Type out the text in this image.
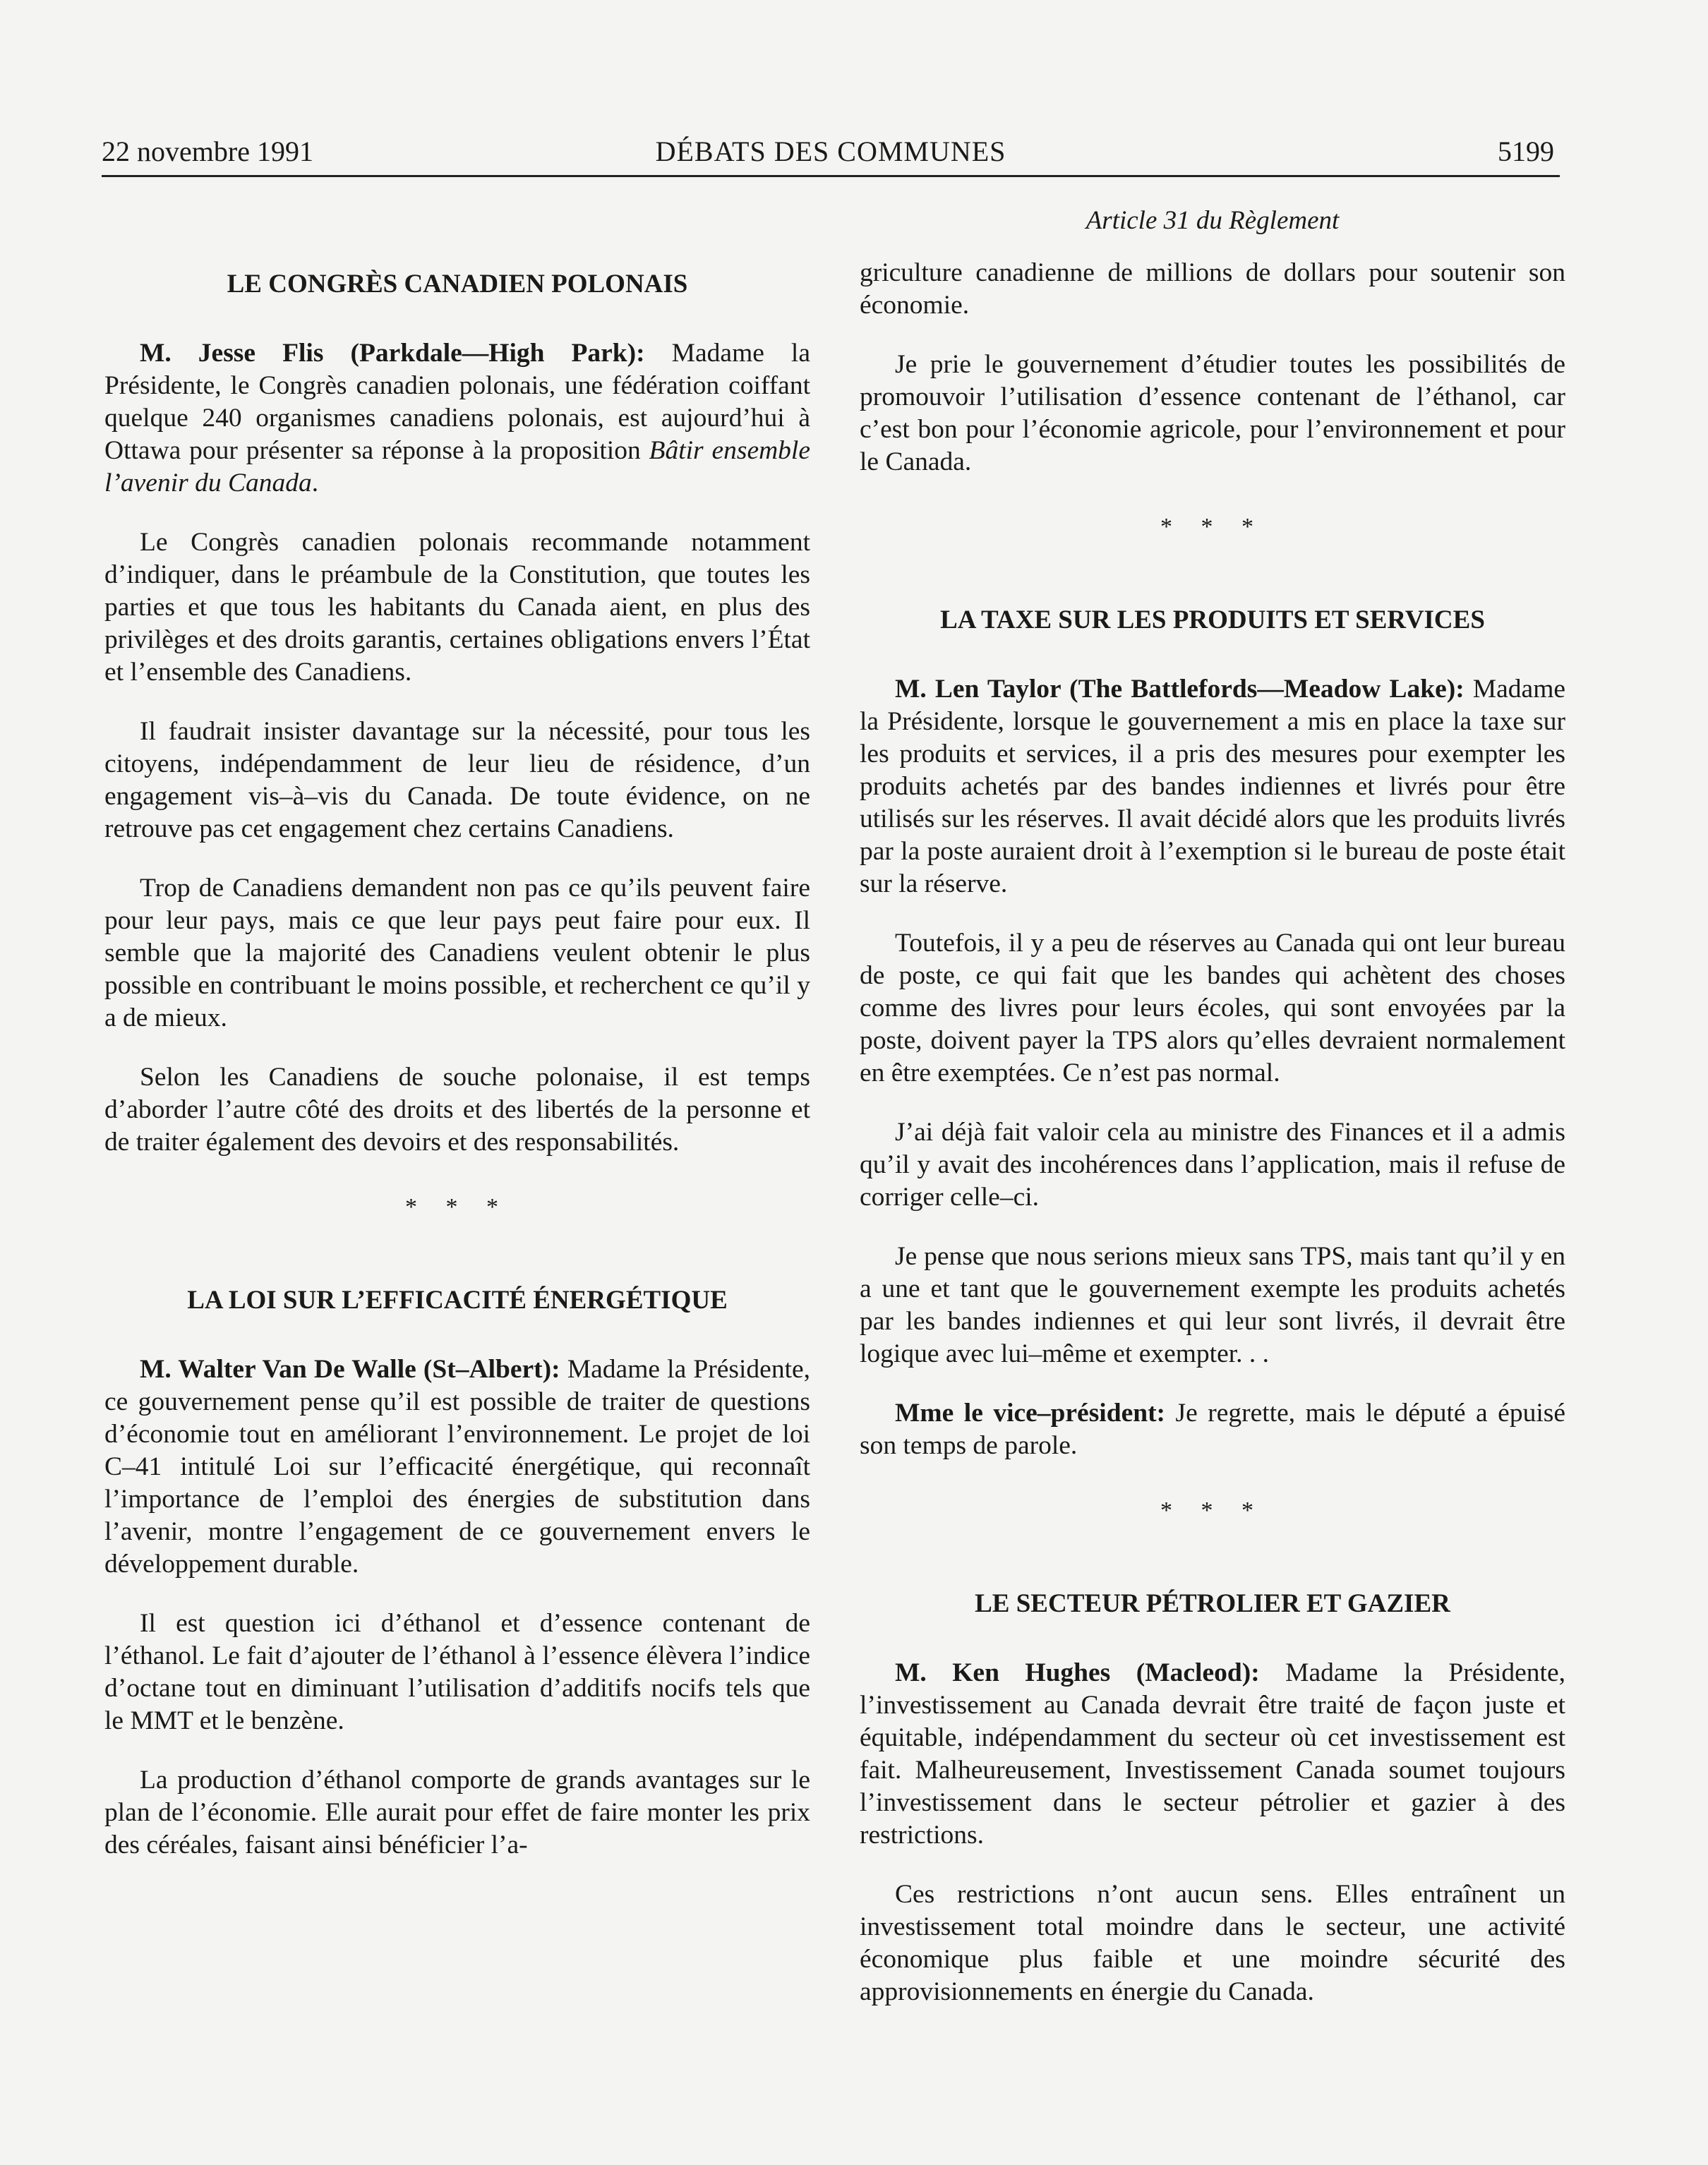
22 novembre 1991	DÉBATS DES COMMUNES	5199
LE CONGRÈS CANADIEN POLONAIS

M. Jesse Flis (Parkdale—High Park): Madame la Présidente, le Congrès canadien polonais, une fédération coiffant quelque 240 organismes canadiens polonais, est aujourd’hui à Ottawa pour présenter sa réponse à la proposition Bâtir ensemble l’avenir du Canada.

Le Congrès canadien polonais recommande notamment d’indiquer, dans le préambule de la Constitution, que toutes les parties et que tous les habitants du Canada aient, en plus des privilèges et des droits garantis, certaines obligations envers l’État et l’ensemble des Canadiens.

Il faudrait insister davantage sur la nécessité, pour tous les citoyens, indépendamment de leur lieu de résidence, d’un engagement vis–à–vis du Canada. De toute évidence, on ne retrouve pas cet engagement chez certains Canadiens.

Trop de Canadiens demandent non pas ce qu’ils peuvent faire pour leur pays, mais ce que leur pays peut faire pour eux. Il semble que la majorité des Canadiens veulent obtenir le plus possible en contribuant le moins possible, et recherchent ce qu’il y a de mieux.

Selon les Canadiens de souche polonaise, il est temps d’aborder l’autre côté des droits et des libertés de la personne et de traiter également des devoirs et des responsabilités.

* * *
LA LOI SUR L’EFFICACITÉ ÉNERGÉTIQUE

M. Walter Van De Walle (St–Albert): Madame la Présidente, ce gouvernement pense qu’il est possible de traiter de questions d’économie tout en améliorant l’environnement. Le projet de loi C–41 intitulé Loi sur l’efficacité énergétique, qui reconnaît l’importance de l’emploi des énergies de substitution dans l’avenir, montre l’engagement de ce gouvernement envers le développement durable.

Il est question ici d’éthanol et d’essence contenant de l’éthanol. Le fait d’ajouter de l’éthanol à l’essence élèvera l’indice d’octane tout en diminuant l’utilisation d’additifs nocifs tels que le MMT et le benzène.

La production d’éthanol comporte de grands avantages sur le plan de l’économie. Elle aurait pour effet de faire monter les prix des céréales, faisant ainsi bénéficier l’a-

Article 31 du Règlement

griculture canadienne de millions de dollars pour soutenir son économie.

Je prie le gouvernement d’étudier toutes les possibilités de promouvoir l’utilisation d’essence contenant de l’éthanol, car c’est bon pour l’économie agricole, pour l’environnement et pour le Canada.

* * *
LA TAXE SUR LES PRODUITS ET SERVICES

M. Len Taylor (The Battlefords—Meadow Lake): Madame la Présidente, lorsque le gouvernement a mis en place la taxe sur les produits et services, il a pris des mesures pour exempter les produits achetés par des bandes indiennes et livrés pour être utilisés sur les réserves. Il avait décidé alors que les produits livrés par la poste auraient droit à l’exemption si le bureau de poste était sur la réserve.

Toutefois, il y a peu de réserves au Canada qui ont leur bureau de poste, ce qui fait que les bandes qui achètent des choses comme des livres pour leurs écoles, qui sont envoyées par la poste, doivent payer la TPS alors qu’elles devraient normalement en être exemptées. Ce n’est pas normal.

J’ai déjà fait valoir cela au ministre des Finances et il a admis qu’il y avait des incohérences dans l’application, mais il refuse de corriger celle–ci.

Je pense que nous serions mieux sans TPS, mais tant qu’il y en a une et tant que le gouvernement exempte les produits achetés par les bandes indiennes et qui leur sont livrés, il devrait être logique avec lui–même et exempter. . .

Mme le vice–président: Je regrette, mais le député a épuisé son temps de parole.

* * *
LE SECTEUR PÉTROLIER ET GAZIER

M. Ken Hughes (Macleod): Madame la Présidente, l’investissement au Canada devrait être traité de façon juste et équitable, indépendamment du secteur où cet investissement est fait. Malheureusement, Investissement Canada soumet toujours l’investissement dans le secteur pétrolier et gazier à des restrictions.

Ces restrictions n’ont aucun sens. Elles entraînent un investissement total moindre dans le secteur, une activité économique plus faible et une moindre sécurité des approvisionnements en énergie du Canada.
